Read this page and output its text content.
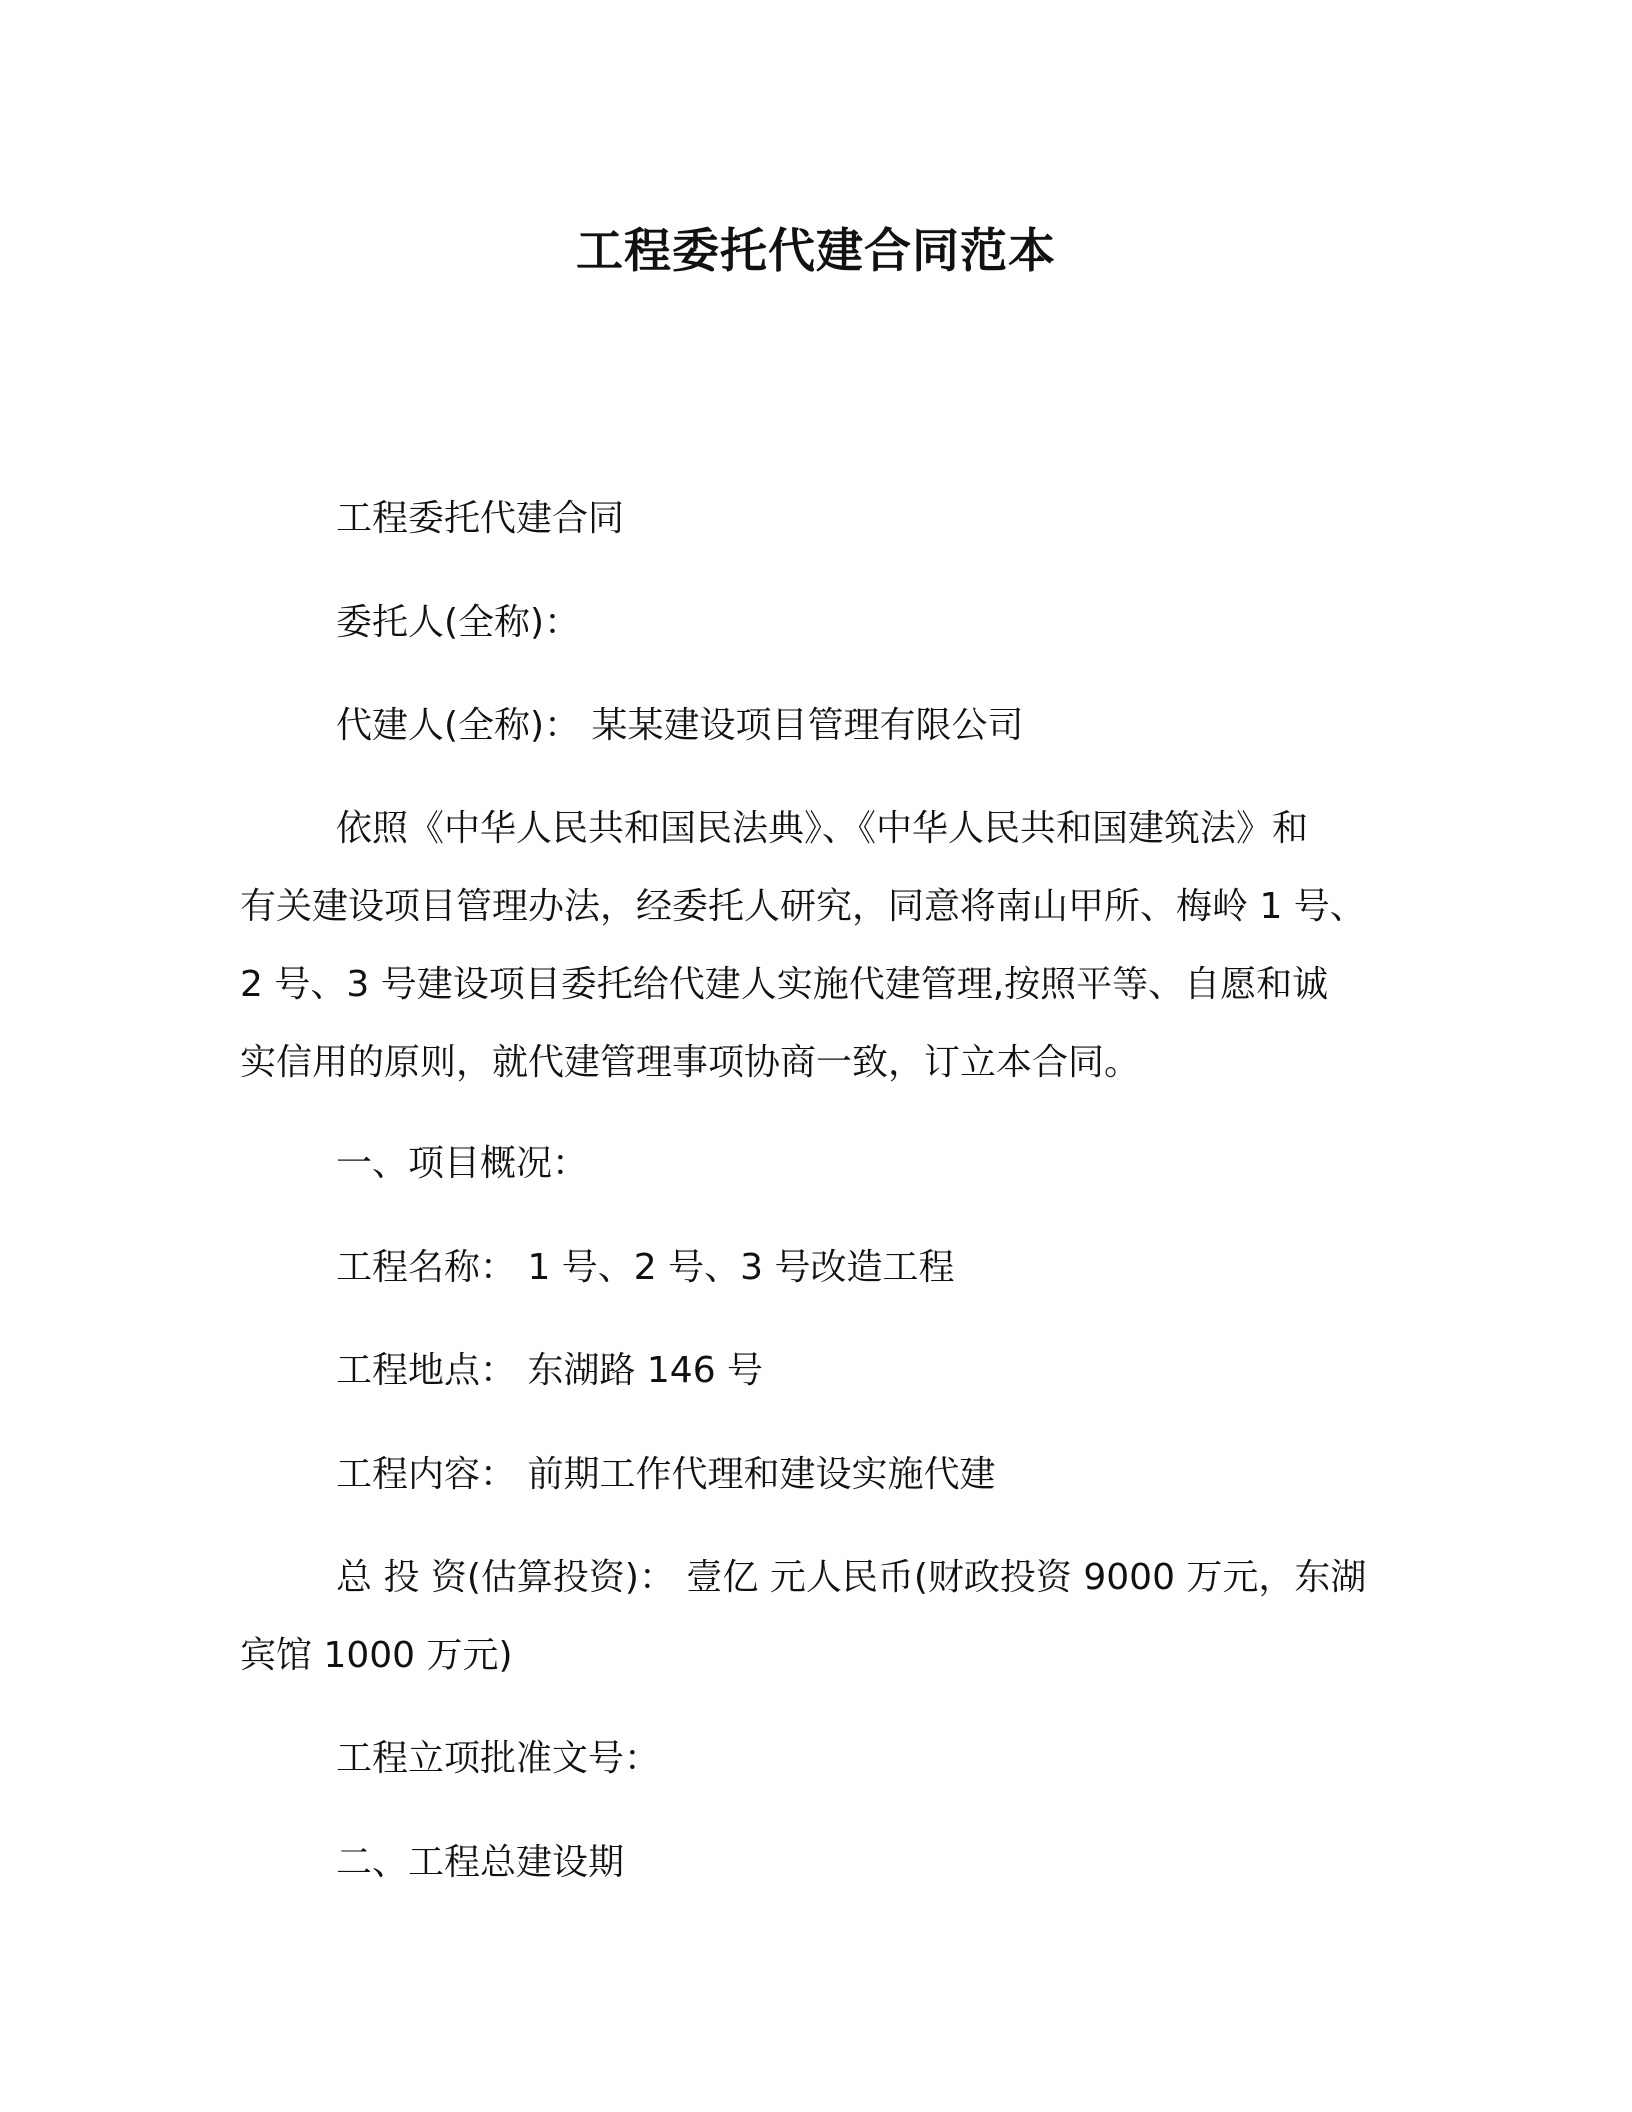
工程委托代建合同范本

工程委托代建合同

委托人(全称)：

代建人(全称)： 某某建设项目管理有限公司

依照《中华人民共和国民法典》、《中华人民共和国建筑法》和
有关建设项目管理办法，经委托人研究，同意将南山甲所、梅岭 1 号、
2 号、3 号建设项目委托给代建人实施代建管理,按照平等、自愿和诚
实信用的原则，就代建管理事项协商一致，订立本合同。

一、项目概况：

工程名称： 1 号、2 号、3 号改造工程

工程地点： 东湖路 146 号

工程内容： 前期工作代理和建设实施代建

总 投 资(估算投资)： 壹亿 元人民币(财政投资 9000 万元，东湖
宾馆 1000 万元)

工程立项批准文号：

二、工程总建设期
